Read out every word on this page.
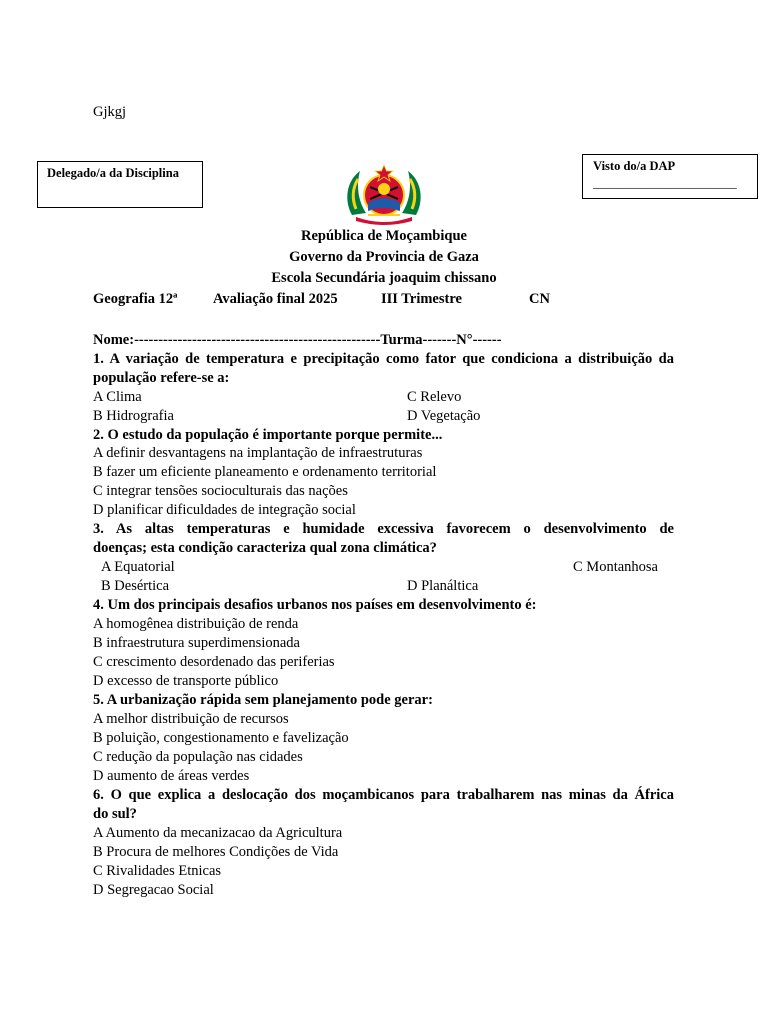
Gjkgj
Delegado/a da Disciplina	Visto do/a DAP
_______________________
República de Moçambique
Governo da Provincia de Gaza
Escola Secundária joaquim chissano
Geografia 12ª Avaliação final 2025	III Trimestre	CN
Nome:---------------------------------------------------Turma-------N°------
1. A variação de temperatura e precipitação como fator que condiciona a distribuição da
população refere-se a:
A Clima	C Relevo
B Hidrografia	D Vegetação
2. O estudo da população é importante porque permite...
A definir desvantagens na implantação de infraestruturas
B fazer um eficiente planeamento e ordenamento territorial
C integrar tensões socioculturais das nações
D planificar dificuldades de integração social
3. As altas temperaturas e humidade excessiva favorecem o desenvolvimento de
doenças; esta condição caracteriza qual zona climática?
A Equatorial	C Montanhosa
B Desértica	D Planáltica
4. Um dos principais desafios urbanos nos países em desenvolvimento é:
A homogênea distribuição de renda
B infraestrutura superdimensionada
C crescimento desordenado das periferias
D excesso de transporte público
5. A urbanização rápida sem planejamento pode gerar:
A melhor distribuição de recursos
B poluição, congestionamento e favelização
C redução da população nas cidades
D aumento de áreas verdes
6. O que explica a deslocação dos moçambicanos para trabalharem nas minas da África
do sul?
A Aumento da mecanizacao da Agricultura
B Procura de melhores Condições de Vida
C Rivalidades Etnicas
D Segregacao Social
